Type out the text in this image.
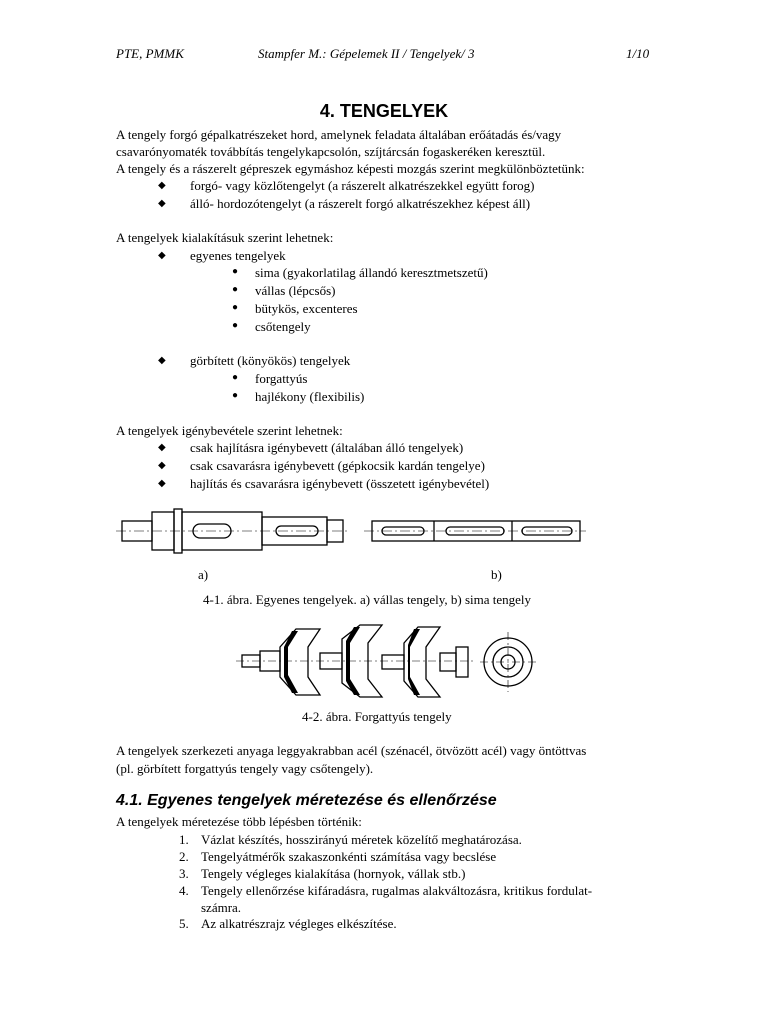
PTE, PMMK	Stampfer M.: Gépelemek II / Tengelyek/ 3	1/10
4. TENGELYEK
A tengely forgó gépalkatrészeket hord, amelynek feladata általában erőátadás és/vagy
csavarónyomaték továbbítás tengelykapcsolón, szíjtárcsán fogaskeréken keresztül.
A tengely és a rászerelt gépreszek egymáshoz képesti mozgás szerint megkülönböztetünk:
◆ forgó- vagy közlőtengelyt (a rászerelt alkatrészekkel együtt forog)
◆ álló- hordozótengelyt (a rászerelt forgó alkatrészekhez képest áll)
A tengelyek kialakításuk szerint lehetnek:
◆ egyenes tengelyek
● sima (gyakorlatilag állandó keresztmetszetű)
● vállas (lépcsős)
● bütykös, excenteres
● csőtengely
◆ görbített (könyökös) tengelyek
● forgattyús
● hajlékony (flexibilis)
A tengelyek igénybevétele szerint lehetnek:
◆ csak hajlításra igénybevett (általában álló tengelyek)
◆ csak csavarásra igénybevett (gépkocsik kardán tengelye)
◆ hajlítás és csavarásra igénybevett (összetett igénybevétel)
a)	b)
4-1. ábra. Egyenes tengelyek. a) vállas tengely, b) sima tengely
4-2. ábra. Forgattyús tengely
A tengelyek szerkezeti anyaga leggyakrabban acél (szénacél, ötvözött acél) vagy öntöttvas
(pl. görbített forgattyús tengely vagy csőtengely).
4.1. Egyenes tengelyek méretezése és ellenőrzése
A tengelyek méretezése több lépésben történik:
1. Vázlat készítés, hosszirányú méretek közelítő meghatározása.
2. Tengelyátmérők szakaszonkénti számítása vagy becslése
3. Tengely végleges kialakítása (hornyok, vállak stb.)
4. Tengely ellenőrzése kifáradásra, rugalmas alakváltozásra, kritikus fordulat-
számra.
5. Az alkatrészrajz végleges elkészítése.
